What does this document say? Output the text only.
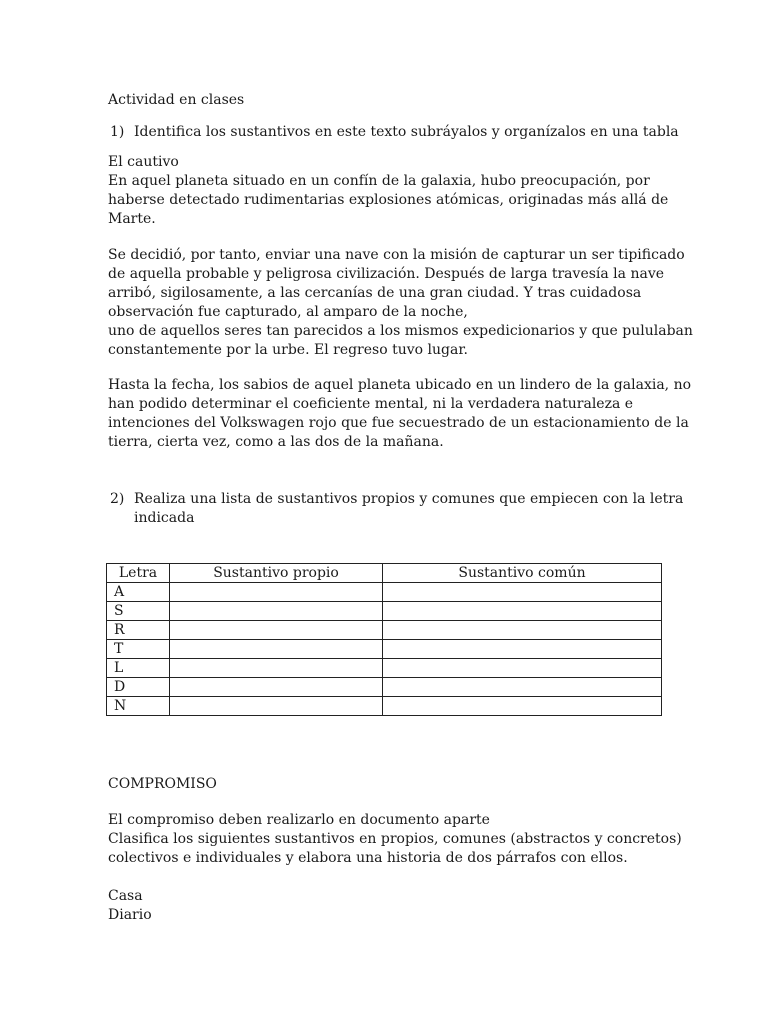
Actividad en clases
1) Identifica los sustantivos en este texto subráyalos y organízalos en una tabla
El cautivo
En aquel planeta situado en un confín de la galaxia, hubo preocupación, por
haberse detectado rudimentarias explosiones atómicas, originadas más allá de
Marte.
Se decidió, por tanto, enviar una nave con la misión de capturar un ser tipificado
de aquella probable y peligrosa civilización. Después de larga travesía la nave
arribó, sigilosamente, a las cercanías de una gran ciudad. Y tras cuidadosa
observación fue capturado, al amparo de la noche,
uno de aquellos seres tan parecidos a los mismos expedicionarios y que pululaban
constantemente por la urbe. El regreso tuvo lugar.
Hasta la fecha, los sabios de aquel planeta ubicado en un lindero de la galaxia, no
han podido determinar el coeficiente mental, ni la verdadera naturaleza e
intenciones del Volkswagen rojo que fue secuestrado de un estacionamiento de la
tierra, cierta vez, como a las dos de la mañana.
2) Realiza una lista de sustantivos propios y comunes que empiecen con la letra
indicada
Letra	Sustantivo propio	Sustantivo común
A		
S		
R		
T		
L		
D		
N		
COMPROMISO
El compromiso deben realizarlo en documento aparte
Clasifica los siguientes sustantivos en propios, comunes (abstractos y concretos)
colectivos e individuales y elabora una historia de dos párrafos con ellos.
Casa
Diario
